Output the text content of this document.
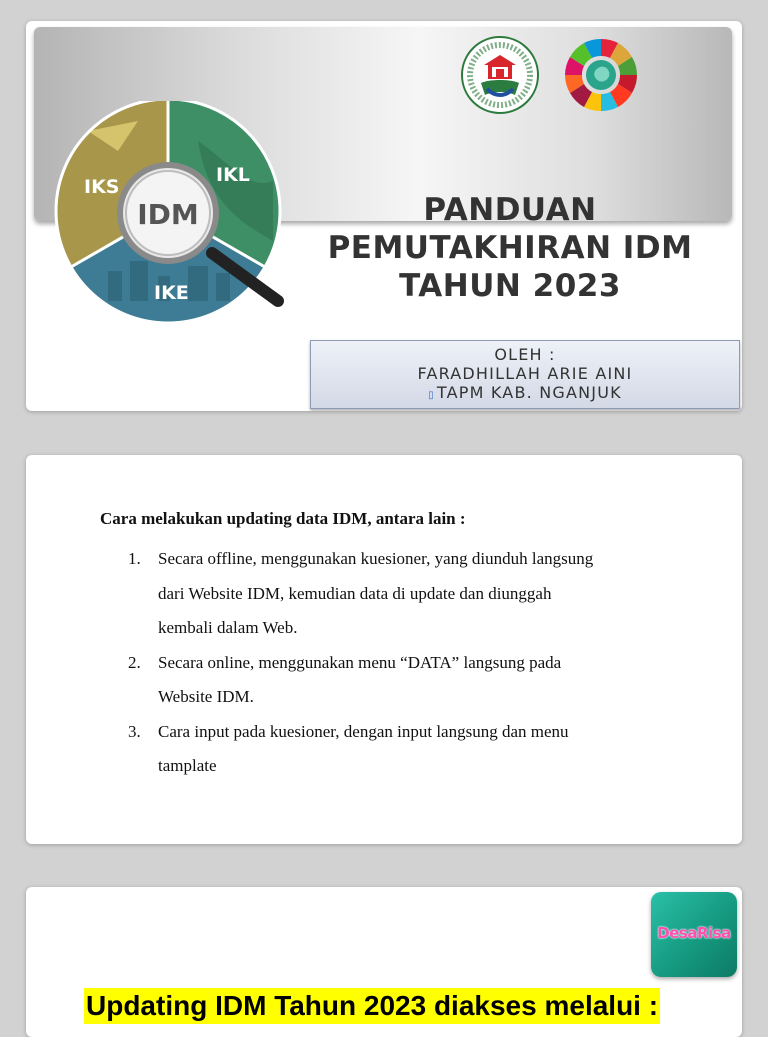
IDM
IKS
IKL
IKE
PANDUAN
PEMUTAKHIRAN IDM
TAHUN 2023
OLEH :
FARADHILLAH ARIE AINI
▯ TAPM KAB. NGANJUK
Cara melakukan updating data IDM, antara lain :
1. Secara offline, menggunakan kuesioner, yang diunduh langsung
dari Website IDM, kemudian data di update dan diunggah
kembali dalam Web.
2. Secara online, menggunakan menu “DATA” langsung pada
Website IDM.
3. Cara input pada kuesioner, dengan input langsung dan menu
tamplate
DesaRisa
Updating IDM Tahun 2023 diakses melalui :
